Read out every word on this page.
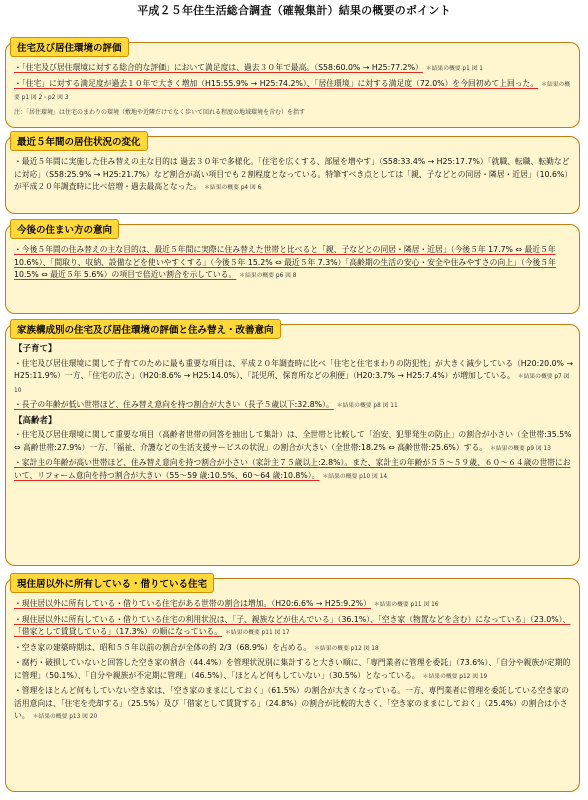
平成２５年住生活総合調査（確報集計）結果の概要のポイント
住宅及び居住環境の評価
・「住宅及び居住環境に対する総合的な評価」において満足度は、過去３０年で最高。（S58:60.0% → H25:77.2%） ＊結果の概要 p1 図 1
・「住宅」に対する満足度が過去１０年で大きく増加（H15:55.9% → H25:74.2%）、「居住環境」に対する満足度（72.0%）を今回初めて上回った。 ＊結果の概要 p1 図 2・p2 図 3
注：「居住環境」は住宅のまわりの環境（敷地や近隣だけでなく歩いて回れる程度の地域環境を含む）を指す
最近５年間の居住状況の変化
・最近５年間に実施した住み替えの主な目的は 過去３０年で多様化。「住宅を広くする、部屋を増やす」（S58:33.4% → H25:17.7%）「就職、転職、転勤などに対応」（S58:25.9% → H25:21.7%）など割合が高い項目でも２割程度となっている。特筆すべき点としては「親、子などとの同居・隣居・近居」（10.6%）が平成２０年調査時に比べ倍増・過去最高となった。 ＊結果の概要 p4 図 6
今後の住まい方の意向
・今後５年間の住み替えの主な目的は、最近５年間に実際に住み替えた世帯と比べると「親、子などとの同居・隣居・近居」（今後５年 17.7% ⇔ 最近５年 10.6%）、「間取り、収納、設備などを使いやすくする」（今後５年 15.2% ⇔ 最近５年 7.3%）「高齢期の生活の安心・安全や住みやすさの向上」（今後５年 10.5% ⇔ 最近５年 5.6%）の項目で倍近い割合を示している。 ＊結果の概要 p6 図 8
家族構成別の住宅及び居住環境の評価と住み替え・改善意向
【子育て】
・住宅及び居住環境に関して子育てのために最も重要な項目は、平成２０年調査時に比べ「住宅と住宅まわりの防犯性」が大きく減少している（H20:20.0% → H25:11.9%）一方、「住宅の広さ」（H20:8.6% → H25:14.0%）、「託児所、保育所などの利便」（H20:3.7% → H25:7.4%）が増加している。 ＊結果の概要 p7 図 10
・長子の年齢が低い世帯ほど、住み替え意向を持つ割合が大きい（長子５歳以下:32.8%）。 ＊結果の概要 p8 図 11
【高齢者】
・住宅及び居住環境に関して重要な項目（高齢者世帯の回答を抽出して集計）は、全世帯と比較して「治安、犯罪発生の防止」の割合が小さい（全世帯:35.5% ⇔ 高齢世帯:27.9%）一方、「福祉、介護などの生活支援サービスの状況」の割合が大きい（全世帯:18.2% ⇔ 高齢世帯:25.6%）する。 ＊結果の概要 p9 図 13
・家計主の年齢が高い世帯ほど、住み替え意向を持つ割合が小さい（家計主７５歳以上:2.8%）。また、家計主の年齢が５５～５９歳、６０～６４歳の世帯において、リフォーム意向を持つ割合が大きい（55～59 歳:10.5%、60～64 歳:10.8%）。 ＊結果の概要 p10 図 14
現住居以外に所有している・借りている住宅
・現住居以外に所有している・借りている住宅がある世帯の割合は増加。（H20:6.6% → H25:9.2%） ＊結果の概要 p11 図 16
・現住居以外に所有している・借りている住宅の利用状況は、「子、親族などが住んでいる」（36.1%）、「空き家（物置などを含む）になっている」（23.0%）、「借家として賃貸している」（17.3%）の順になっている。 ＊結果の概要 p11 図 17
・空き家の建築時期は、昭和５５年以前の割合が全体の約 2/3（68.9%）を占める。 ＊結果の概要 p12 図 18
・腐朽・破損していないと回答した空き家の割合（44.4%）を管理状況別に集計すると大きい順に、「専門業者に管理を委託」（73.6%）、「自分や親族が定期的に管理」（50.1%）、「自分や親族が不定期に管理」（46.5%）、「ほとんど何もしていない」（30.5%）となっている。 ＊結果の概要 p12 図 19
・管理をほとんど何もしていない空き家は、「空き家のままにしておく」（61.5%）の割合が大きくなっている。一方、専門業者に管理を委託している空き家の活用意向は、「住宅を売却する」（25.5%）及び「借家として賃貸する」（24.8%）の割合が比較的大きく、「空き家のままにしておく」（25.4%）の割合は小さい。 ＊結果の概要 p13 図 20
